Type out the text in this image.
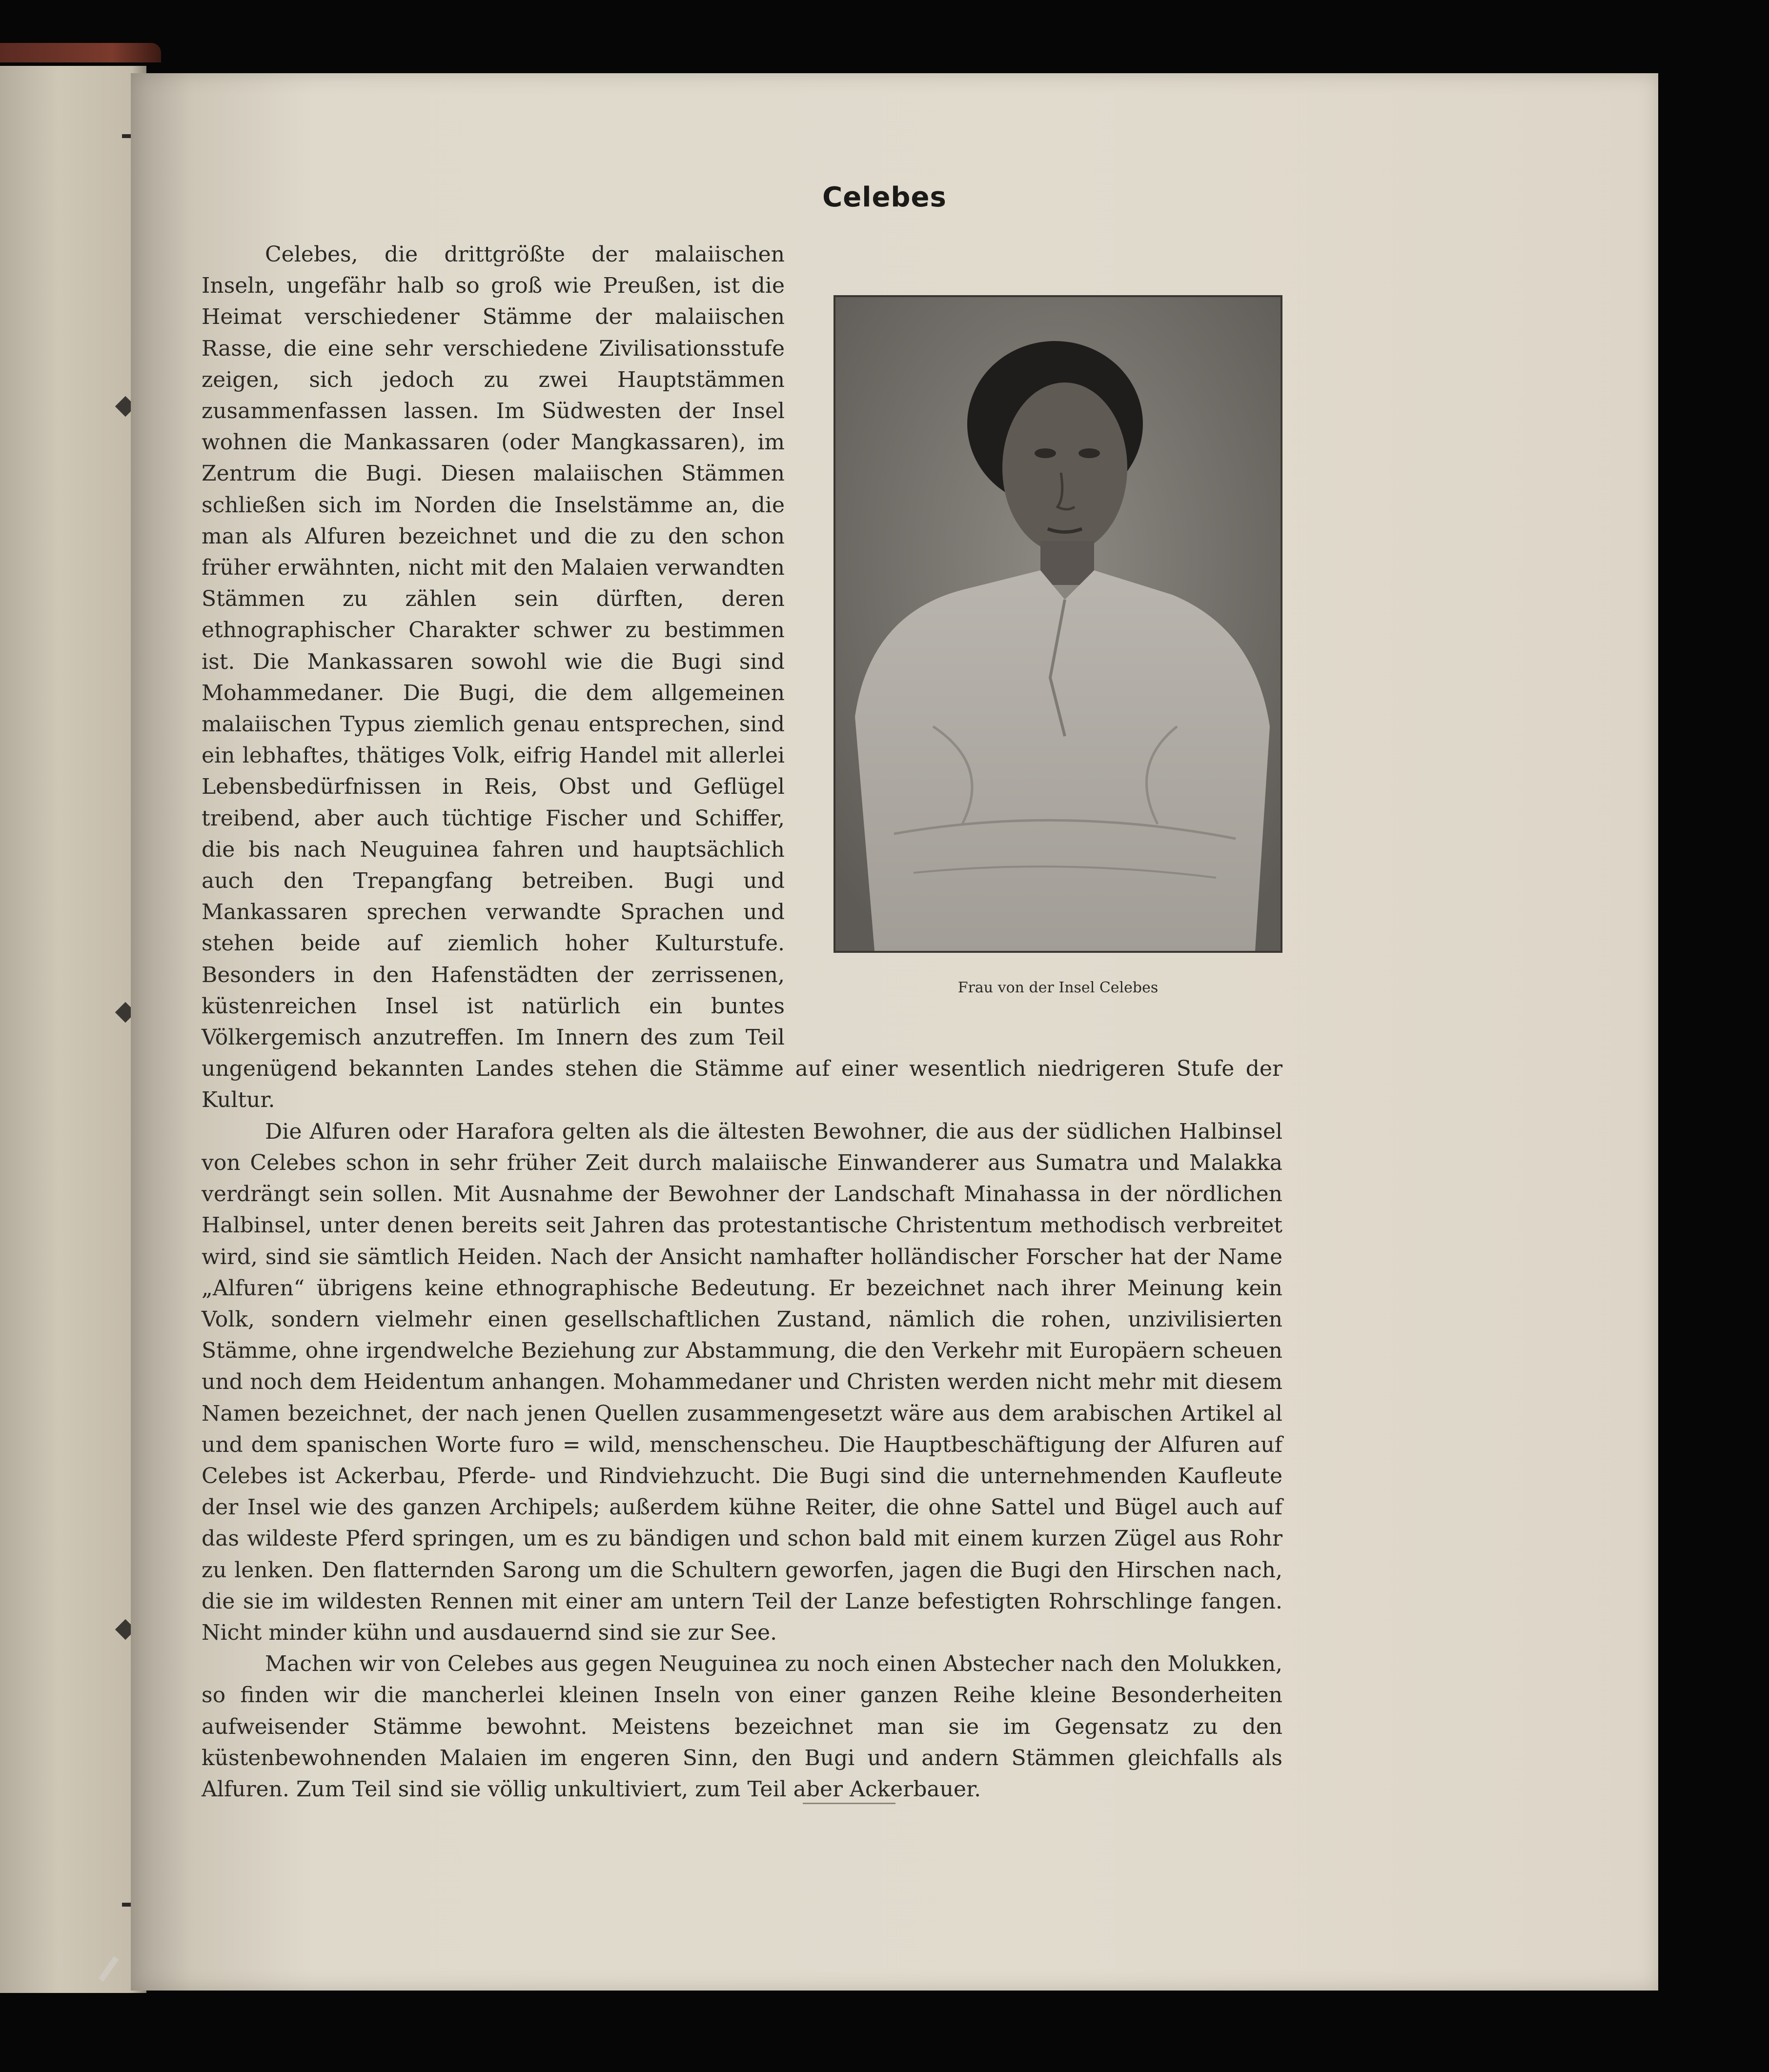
Celebes
Frau von der Insel Celebes

Celebes, die drittgrößte der malaiischen Inseln, ungefähr halb so groß wie Preußen, ist die Heimat verschiedener Stämme der malaiischen Rasse, die eine sehr verschiedene Zivilisationsstufe zeigen, sich jedoch zu zwei Hauptstämmen zusammenfassen lassen. Im Südwesten der Insel wohnen die Mankassaren (oder Mangkassaren), im Zentrum die Bugi. Diesen malaiischen Stämmen schließen sich im Norden die Inselstämme an, die man als Alfuren bezeichnet und die zu den schon früher erwähnten, nicht mit den Malaien verwandten Stämmen zu zählen sein dürften, deren ethnographischer Charakter schwer zu bestimmen ist. Die Mankassaren sowohl wie die Bugi sind Mohammedaner. Die Bugi, die dem allgemeinen malaiischen Typus ziemlich genau entsprechen, sind ein lebhaftes, thätiges Volk, eifrig Handel mit allerlei Lebensbedürfnissen in Reis, Obst und Geflügel treibend, aber auch tüchtige Fischer und Schiffer, die bis nach Neuguinea fahren und hauptsächlich auch den Trepangfang betreiben. Bugi und Mankassaren sprechen verwandte Sprachen und stehen beide auf ziemlich hoher Kulturstufe. Besonders in den Hafenstädten der zerrissenen, küstenreichen Insel ist natürlich ein buntes Völkergemisch anzutreffen. Im Innern des zum Teil ungenügend bekannten Landes stehen die Stämme auf einer wesentlich niedrigeren Stufe der Kultur.

Die Alfuren oder Harafora gelten als die ältesten Bewohner, die aus der südlichen Halbinsel von Celebes schon in sehr früher Zeit durch malaiische Einwanderer aus Sumatra und Malakka verdrängt sein sollen. Mit Ausnahme der Bewohner der Landschaft Minahassa in der nördlichen Halbinsel, unter denen bereits seit Jahren das protestantische Christentum methodisch verbreitet wird, sind sie sämtlich Heiden. Nach der Ansicht namhafter holländischer Forscher hat der Name „Alfuren“ übrigens keine ethnographische Bedeutung. Er bezeichnet nach ihrer Meinung kein Volk, sondern vielmehr einen gesellschaftlichen Zustand, nämlich die rohen, unzivilisierten Stämme, ohne irgendwelche Beziehung zur Abstammung, die den Verkehr mit Europäern scheuen und noch dem Heidentum anhangen. Mohammedaner und Christen werden nicht mehr mit diesem Namen bezeichnet, der nach jenen Quellen zusammengesetzt wäre aus dem arabischen Artikel al und dem spanischen Worte furo = wild, menschenscheu. Die Hauptbeschäftigung der Alfuren auf Celebes ist Ackerbau, Pferde- und Rindviehzucht. Die Bugi sind die unternehmenden Kaufleute der Insel wie des ganzen Archipels; außerdem kühne Reiter, die ohne Sattel und Bügel auch auf das wildeste Pferd springen, um es zu bändigen und schon bald mit einem kurzen Zügel aus Rohr zu lenken. Den flatternden Sarong um die Schultern geworfen, jagen die Bugi den Hirschen nach, die sie im wildesten Rennen mit einer am untern Teil der Lanze befestigten Rohrschlinge fangen. Nicht minder kühn und ausdauernd sind sie zur See.

Machen wir von Celebes aus gegen Neuguinea zu noch einen Abstecher nach den Molukken, so finden wir die mancherlei kleinen Inseln von einer ganzen Reihe kleine Besonderheiten aufweisender Stämme bewohnt. Meistens bezeichnet man sie im Gegensatz zu den küstenbewohnenden Malaien im engeren Sinn, den Bugi und andern Stämmen gleichfalls als Alfuren. Zum Teil sind sie völlig unkultiviert, zum Teil aber Ackerbauer.
